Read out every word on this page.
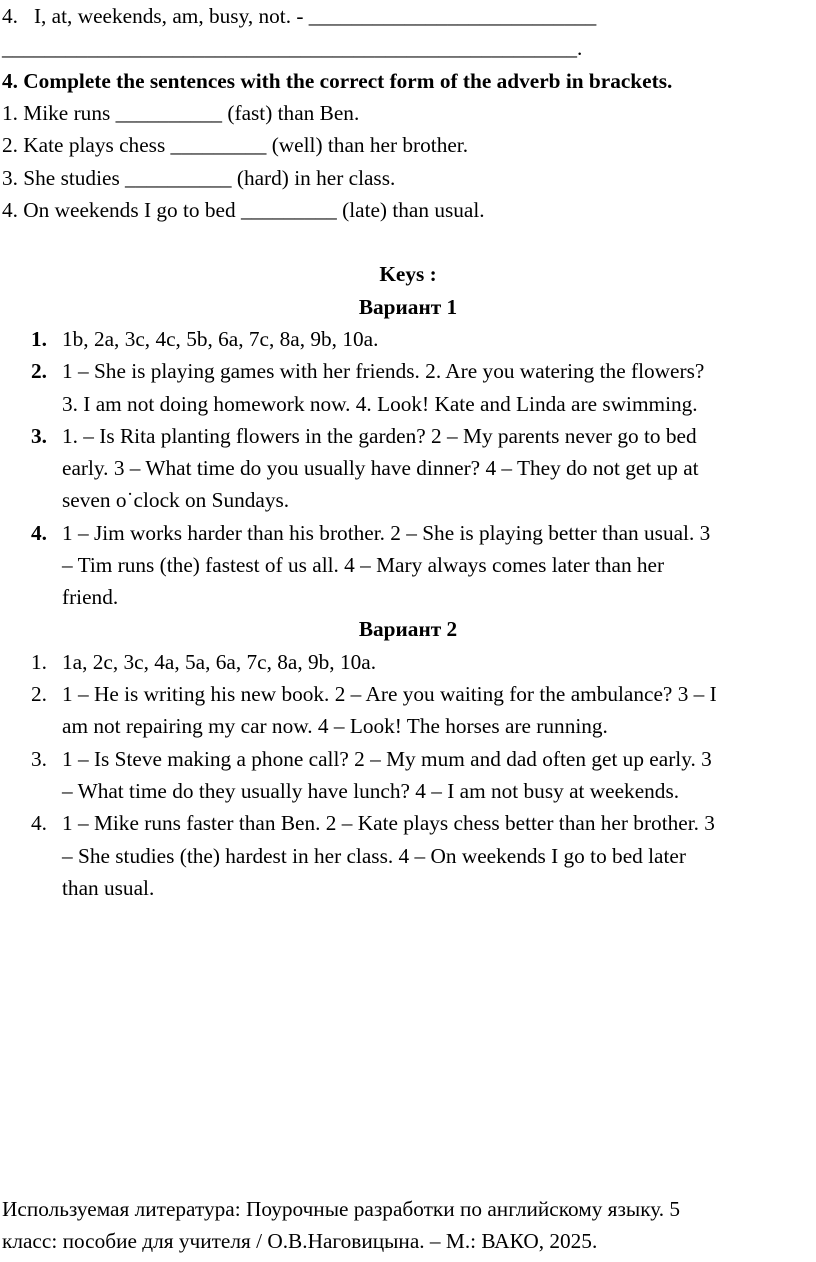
4.   I, at, weekends, am, busy, not. - ___________________________
______________________________________________________.
4. Complete the sentences with the correct form of the adverb in brackets.
1. Mike runs __________ (fast) than Ben.
2. Kate plays chess _________ (well) than her brother.
3. She studies __________ (hard) in her class.
4. On weekends I go to bed _________ (late) than usual.
Keys :
Вариант 1
1. 1b, 2a, 3c, 4c, 5b, 6a, 7c, 8a, 9b, 10a.
2. 1 – She is playing games with her friends. 2. Are you watering the flowers?
3. I am not doing homework now. 4. Look! Kate and Linda are swimming.
3. 1. – Is Rita planting flowers in the garden? 2 – My parents never go to bed
early. 3 – What time do you usually have dinner? 4 – They do not get up at
seven o˙clock on Sundays.
4. 1 – Jim works harder than his brother. 2 – She is playing better than usual. 3
– Tim runs (the) fastest of us all. 4 – Mary always comes later than her
friend.
Вариант 2
1. 1a, 2c, 3c, 4a, 5a, 6a, 7c, 8a, 9b, 10a.
2. 1 – He is writing his new book. 2 – Are you waiting for the ambulance? 3 – I
am not repairing my car now. 4 – Look! The horses are running.
3. 1 – Is Steve making a phone call? 2 – My mum and dad often get up early. 3
– What time do they usually have lunch? 4 – I am not busy at weekends.
4. 1 – Mike runs faster than Ben. 2 – Kate plays chess better than her brother. 3
– She studies (the) hardest in her class. 4 – On weekends I go to bed later
than usual.
Используемая литература: Поурочные разработки по английскому языку. 5
класс: пособие для учителя / О.В.Наговицына. – М.: ВАКО, 2025.
